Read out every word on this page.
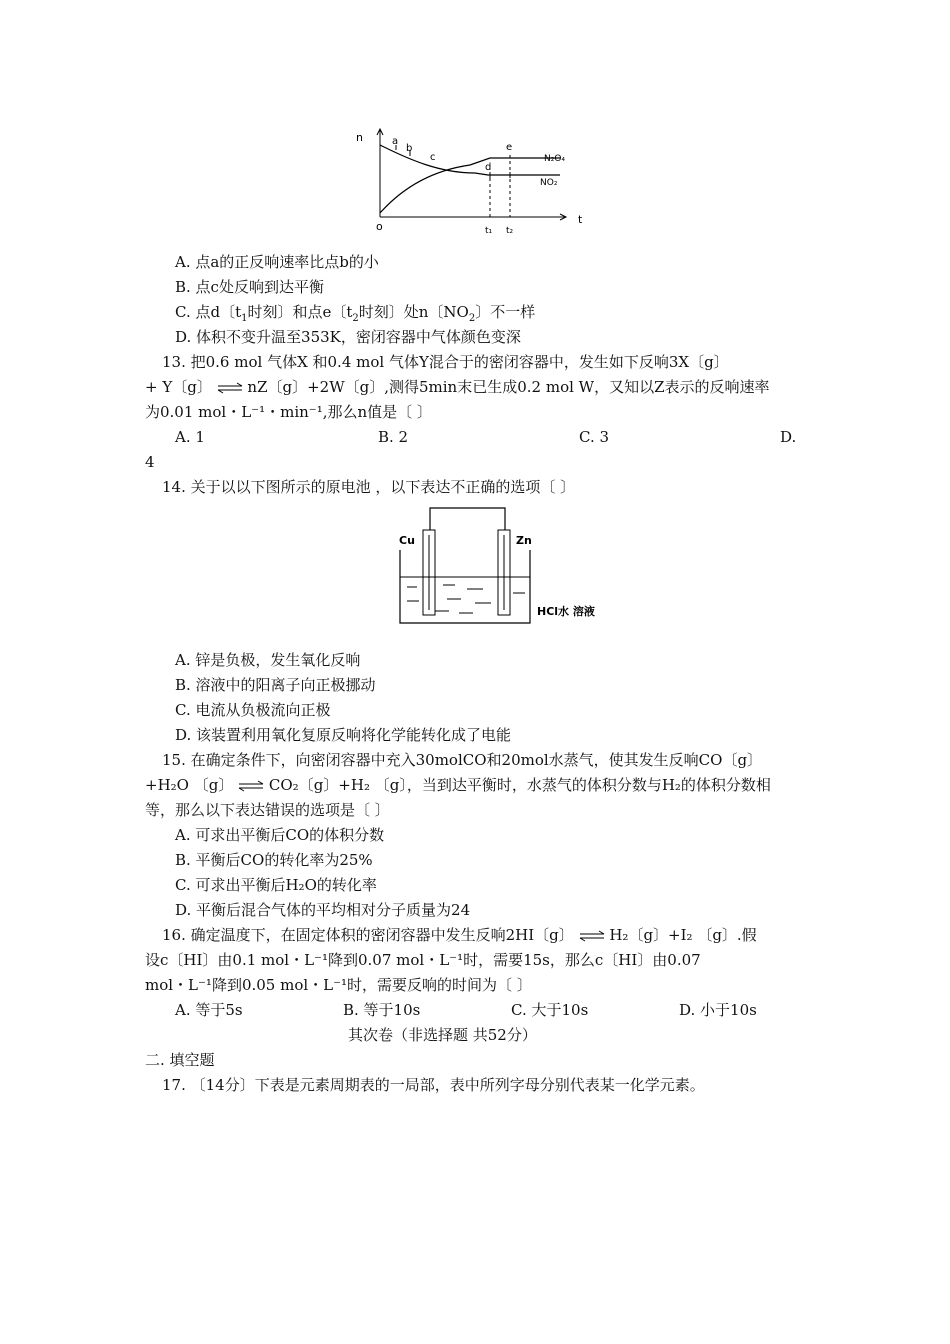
n
t
o
a
b
c
d
e
t₁ t₂
N₂O₄
NO₂
A. 点a的正反响速率比点b的小
B. 点c处反响到达平衡
C. 点d〔$t_1$时刻〕和点e〔$t_2$时刻〕处n〔$NO_2$〕不一样
D. 体积不变升温至353K，密闭容器中气体颜色变深
13. 把0.6 mol 气体X 和0.4 mol 气体Y混合于的密闭容器中，发生如下反响3X〔g〕
+ Y〔g〕 ⇌ nZ〔g〕+2W〔g〕,测得5min末已生成0.2 mol W，又知以Z表示的反响速率
为0.01 mol・L⁻¹・min⁻¹,那么n值是〔 〕
A. 1	B. 2	C. 3	D.
4
14. 关于以以下图所示的原电池 ，以下表达不正确的选项〔 〕
Cu	Zn
HCl水 溶液
A. 锌是负极，发生氧化反响
B. 溶液中的阳离子向正极挪动
C. 电流从负极流向正极
D. 该装置利用氧化复原反响将化学能转化成了电能
15. 在确定条件下，向密闭容器中充入30molCO和20mol水蒸气，使其发生反响CO〔g〕
+H₂O 〔g〕 ⇌ CO₂〔g〕+H₂ 〔g〕，当到达平衡时，水蒸气的体积分数与H₂的体积分数相
等，那么以下表达错误的选项是〔 〕
A. 可求出平衡后CO的体积分数
B. 平衡后CO的转化率为25%
C. 可求出平衡后H₂O的转化率
D. 平衡后混合气体的平均相对分子质量为24
16. 确定温度下，在固定体积的密闭容器中发生反响2HI〔g〕 ⇌ H₂〔g〕+I₂ 〔g〕.假
设c〔HI〕由0.1 mol・L⁻¹降到0.07 mol・L⁻¹时，需要15s，那么c〔HI〕由0.07
mol・L⁻¹降到0.05 mol・L⁻¹时，需要反响的时间为〔 〕
A. 等于5s	B. 等于10s	C. 大于10s	D. 小于10s
其次卷（非选择题 共52分）
二. 填空题
17. 〔14分〕下表是元素周期表的一局部，表中所列字母分别代表某一化学元素。
